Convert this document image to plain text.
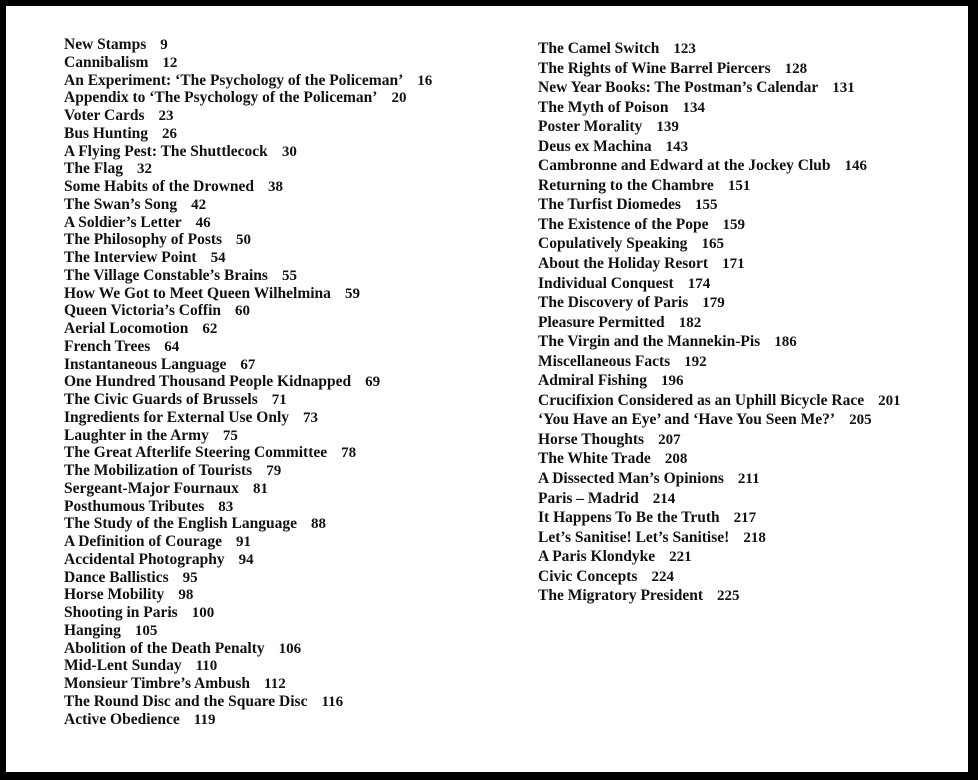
New Stamps 9
Cannibalism 12
An Experiment: ‘The Psychology of the Policeman’ 16
Appendix to ‘The Psychology of the Policeman’ 20
Voter Cards 23
Bus Hunting 26
A Flying Pest: The Shuttlecock 30
The Flag 32
Some Habits of the Drowned 38
The Swan’s Song 42
A Soldier’s Letter 46
The Philosophy of Posts 50
The Interview Point 54
The Village Constable’s Brains 55
How We Got to Meet Queen Wilhelmina 59
Queen Victoria’s Coffin 60
Aerial Locomotion 62
French Trees 64
Instantaneous Language 67
One Hundred Thousand People Kidnapped 69
The Civic Guards of Brussels 71
Ingredients for External Use Only 73
Laughter in the Army 75
The Great Afterlife Steering Committee 78
The Mobilization of Tourists 79
Sergeant-Major Fournaux 81
Posthumous Tributes 83
The Study of the English Language 88
A Definition of Courage 91
Accidental Photography 94
Dance Ballistics 95
Horse Mobility 98
Shooting in Paris 100
Hanging 105
Abolition of the Death Penalty 106
Mid-Lent Sunday 110
Monsieur Timbre’s Ambush 112
The Round Disc and the Square Disc 116
Active Obedience 119
The Camel Switch 123
The Rights of Wine Barrel Piercers 128
New Year Books: The Postman’s Calendar 131
The Myth of Poison 134
Poster Morality 139
Deus ex Machina 143
Cambronne and Edward at the Jockey Club 146
Returning to the Chambre 151
The Turfist Diomedes 155
The Existence of the Pope 159
Copulatively Speaking 165
About the Holiday Resort 171
Individual Conquest 174
The Discovery of Paris 179
Pleasure Permitted 182
The Virgin and the Mannekin-Pis 186
Miscellaneous Facts 192
Admiral Fishing 196
Crucifixion Considered as an Uphill Bicycle Race 201
‘You Have an Eye’ and ‘Have You Seen Me?’ 205
Horse Thoughts 207
The White Trade 208
A Dissected Man’s Opinions 211
Paris – Madrid 214
It Happens To Be the Truth 217
Let’s Sanitise! Let’s Sanitise! 218
A Paris Klondyke 221
Civic Concepts 224
The Migratory President 225
